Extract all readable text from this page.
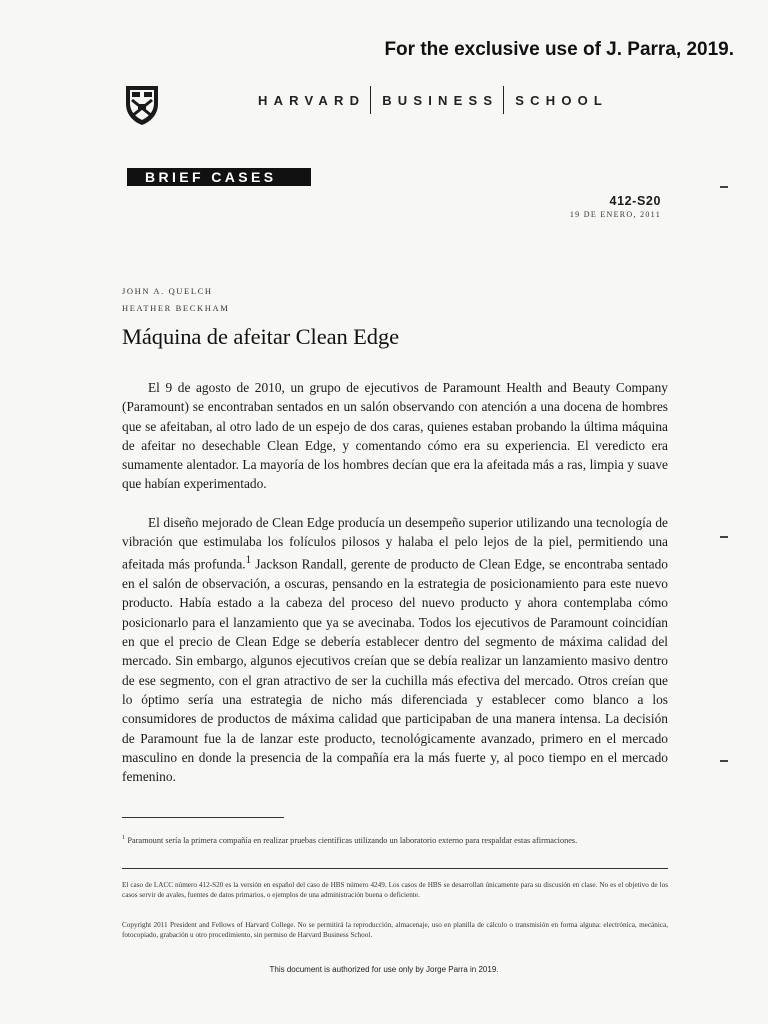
For the exclusive use of J. Parra, 2019.
HARVARD BUSINESS SCHOOL
BRIEF CASES
412-S20
19 DE ENERO, 2011
JOHN A. QUELCH
HEATHER BECKHAM
Máquina de afeitar Clean Edge

El 9 de agosto de 2010, un grupo de ejecutivos de Paramount Health and Beauty Company (Paramount) se encontraban sentados en un salón observando con atención a una docena de hombres que se afeitaban, al otro lado de un espejo de dos caras, quienes estaban probando la última máquina de afeitar no desechable Clean Edge, y comentando cómo era su experiencia. El veredicto era sumamente alentador. La mayoría de los hombres decían que era la afeitada más a ras, limpia y suave que habían experimentado.

El diseño mejorado de Clean Edge producía un desempeño superior utilizando una tecnología de vibración que estimulaba los folículos pilosos y halaba el pelo lejos de la piel, permitiendo una afeitada más profunda.$^1$ Jackson Randall, gerente de producto de Clean Edge, se encontraba sentado en el salón de observación, a oscuras, pensando en la estrategia de posicionamiento para este nuevo producto. Había estado a la cabeza del proceso del nuevo producto y ahora contemplaba cómo posicionarlo para el lanzamiento que ya se avecinaba. Todos los ejecutivos de Paramount coincidían en que el precio de Clean Edge se debería establecer dentro del segmento de máxima calidad del mercado. Sin embargo, algunos ejecutivos creían que se debía realizar un lanzamiento masivo dentro de ese segmento, con el gran atractivo de ser la cuchilla más efectiva del mercado. Otros creían que lo óptimo sería una estrategia de nicho más diferenciada y establecer como blanco a los consumidores de productos de máxima calidad que participaban de una manera intensa. La decisión de Paramount fue la de lanzar este producto, tecnológicamente avanzado, primero en el mercado masculino en donde la presencia de la compañía era la más fuerte y, al poco tiempo en el mercado femenino.

$^1$ Paramount sería la primera compañía en realizar pruebas científicas utilizando un laboratorio externo para respaldar estas afirmaciones.
El caso de LACC número 412-S20 es la versión en español del caso de HBS número 4249. Los casos de HBS se desarrollan únicamente para su discusión en clase. No es el objetivo de los casos servir de avales, fuentes de datos primarios, o ejemplos de una administración buena o deficiente.
Copyright 2011 President and Fellows of Harvard College. No se permitirá la reproducción, almacenaje, uso en planilla de cálculo o transmisión en forma alguna: electrónica, mecánica, fotocopiado, grabación u otro procedimiento, sin permiso de Harvard Business School.
This document is authorized for use only by Jorge Parra in 2019.
